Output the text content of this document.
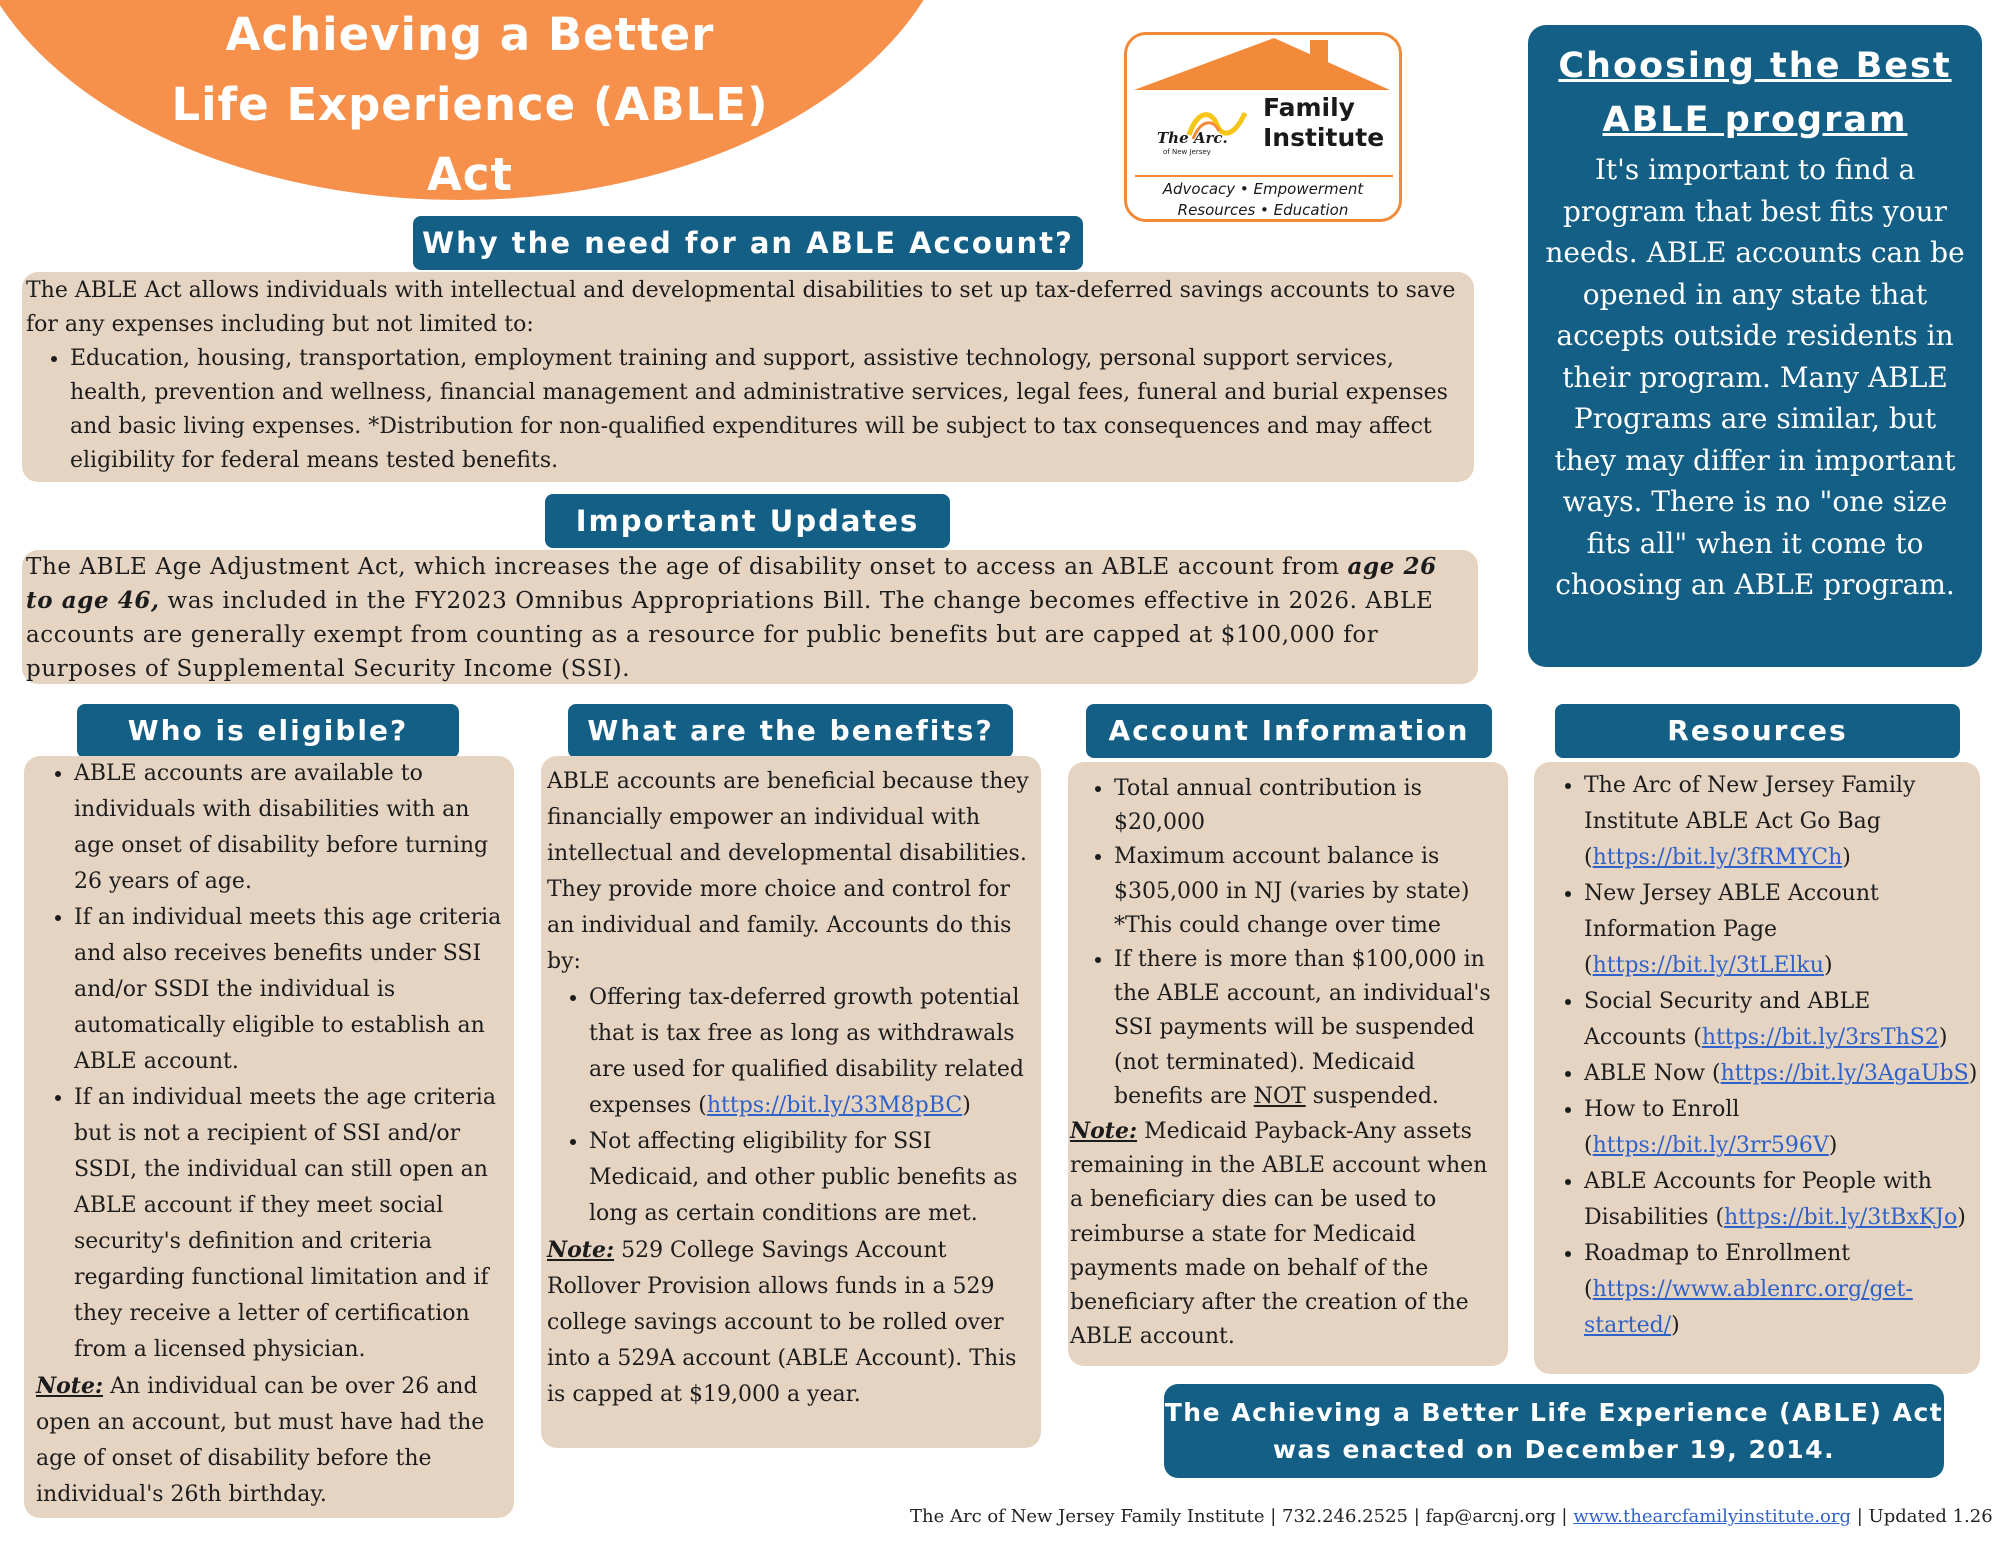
Achieving a Better
Life Experience (ABLE)
Act
The Arc.
of New Jersey
Family
Institute
Advocacy • Empowerment
Resources • Education
Choosing the Best
ABLE program
It's important to find a program that best fits your needs. ABLE accounts can be opened in any state that accepts outside residents in their program. Many ABLE Programs are similar, but they may differ in important ways. There is no "one size fits all" when it come to choosing an ABLE program.
Why the need for an ABLE Account?
The ABLE Act allows individuals with intellectual and developmental disabilities to set up tax-deferred savings accounts to save for any expenses including but not limited to:
• Education, housing, transportation, employment training and support, assistive technology, personal support services, health, prevention and wellness, financial management and administrative services, legal fees, funeral and burial expenses and basic living expenses. *Distribution for non-qualified expenditures will be subject to tax consequences and may affect eligibility for federal means tested benefits.
Important Updates
The ABLE Age Adjustment Act, which increases the age of disability onset to access an ABLE account from age 26 to age 46, was included in the FY2023 Omnibus Appropriations Bill. The change becomes effective in 2026. ABLE accounts are generally exempt from counting as a resource for public benefits but are capped at $100,000 for purposes of Supplemental Security Income (SSI).
Who is eligible?
• ABLE accounts are available to individuals with disabilities with an age onset of disability before turning 26 years of age.
• If an individual meets this age criteria and also receives benefits under SSI and/or SSDI the individual is automatically eligible to establish an ABLE account.
• If an individual meets the age criteria but is not a recipient of SSI and/or SSDI, the individual can still open an ABLE account if they meet social security's definition and criteria regarding functional limitation and if they receive a letter of certification from a licensed physician.
Note: An individual can be over 26 and open an account, but must have had the age of onset of disability before the individual's 26th birthday.
What are the benefits?
ABLE accounts are beneficial because they financially empower an individual with intellectual and developmental disabilities. They provide more choice and control for an individual and family. Accounts do this by:
• Offering tax-deferred growth potential that is tax free as long as withdrawals are used for qualified disability related expenses (https://bit.ly/33M8pBC)
• Not affecting eligibility for SSI Medicaid, and other public benefits as long as certain conditions are met.
Note: 529 College Savings Account Rollover Provision allows funds in a 529 college savings account to be rolled over into a 529A account (ABLE Account). This is capped at $19,000 a year.
Account Information
• Total annual contribution is $20,000
• Maximum account balance is $305,000 in NJ (varies by state) *This could change over time
• If there is more than $100,000 in the ABLE account, an individual's SSI payments will be suspended (not terminated). Medicaid benefits are NOT suspended.
Note: Medicaid Payback-Any assets remaining in the ABLE account when a beneficiary dies can be used to reimburse a state for Medicaid payments made on behalf of the beneficiary after the creation of the ABLE account.
Resources
• The Arc of New Jersey Family Institute ABLE Act Go Bag (https://bit.ly/3fRMYCh)
• New Jersey ABLE Account Information Page (https://bit.ly/3tLElku)
• Social Security and ABLE Accounts (https://bit.ly/3rsThS2)
• ABLE Now (https://bit.ly/3AgaUbS)
• How to Enroll (https://bit.ly/3rr596V)
• ABLE Accounts for People with Disabilities (https://bit.ly/3tBxKJo)
• Roadmap to Enrollment (https://www.ablenrc.org/get-started/)
The Achieving a Better Life Experience (ABLE) Act
was enacted on December 19, 2014.
The Arc of New Jersey Family Institute | 732.246.2525 | fap@arcnj.org | www.thearcfamilyinstitute.org | Updated 1.26
